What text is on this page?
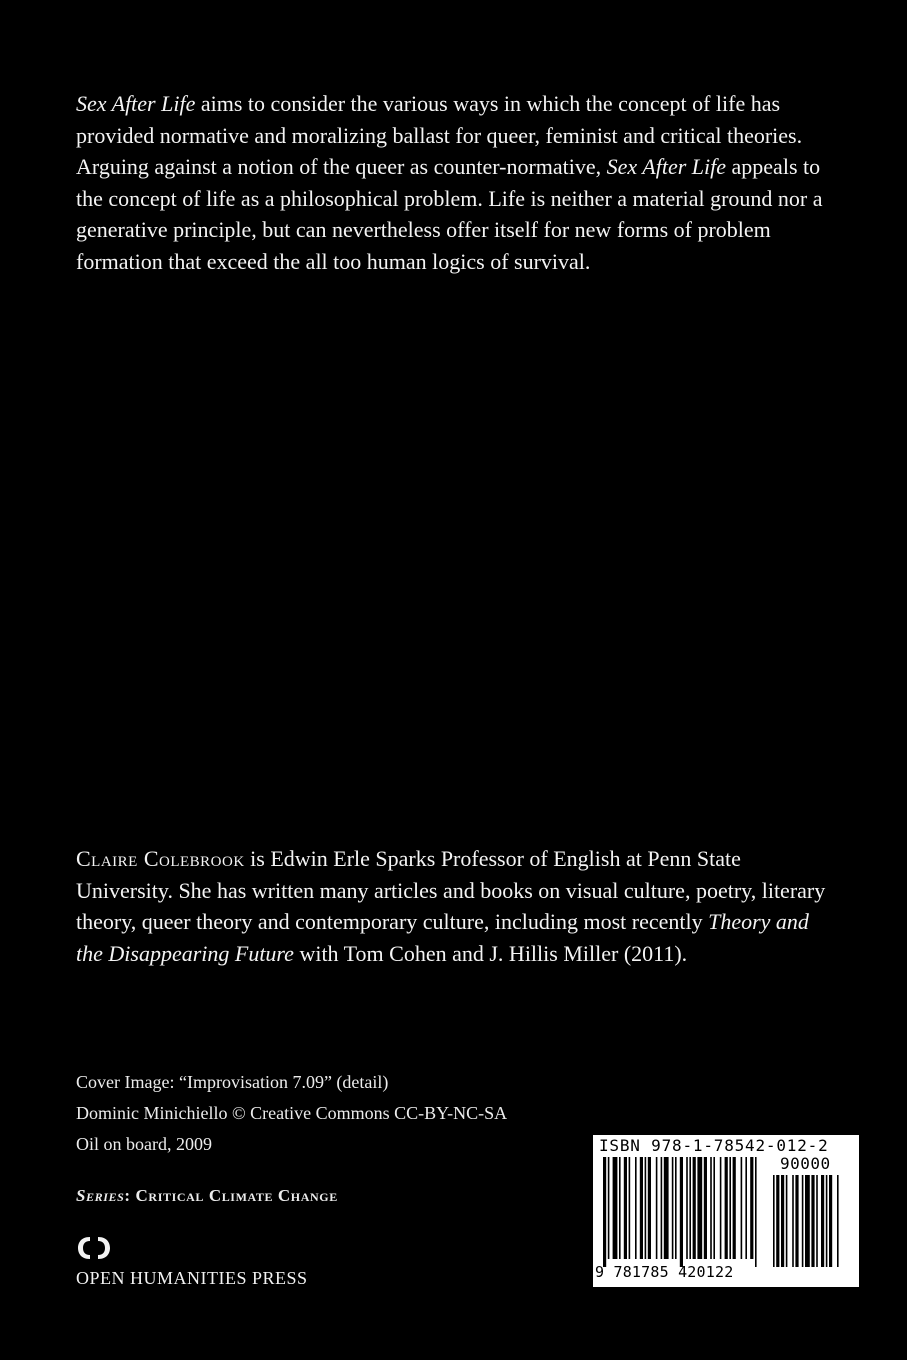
Sex After Life aims to consider the various ways in which the concept of life has provided normative and moralizing ballast for queer, feminist and critical theories. Arguing against a notion of the queer as counter-normative, Sex After Life appeals to the concept of life as a philosophical problem. Life is neither a material ground nor a generative principle, but can nevertheless offer itself for new forms of problem formation that exceed the all too human logics of survival.
Claire Colebrook is Edwin Erle Sparks Professor of English at Penn State University. She has written many articles and books on visual culture, poetry, literary theory, queer theory and contemporary culture, including most recently Theory and the Disappearing Future with Tom Cohen and J. Hillis Miller (2011).
Cover Image: “Improvisation 7.09” (detail)
Dominic Minichiello © Creative Commons CC-BY-NC-SA
Oil on board, 2009
Series: Critical Climate Change
OPEN HUMANITIES PRESS
ISBN 978-1-78542-012-2
90000
9 781785 420122
